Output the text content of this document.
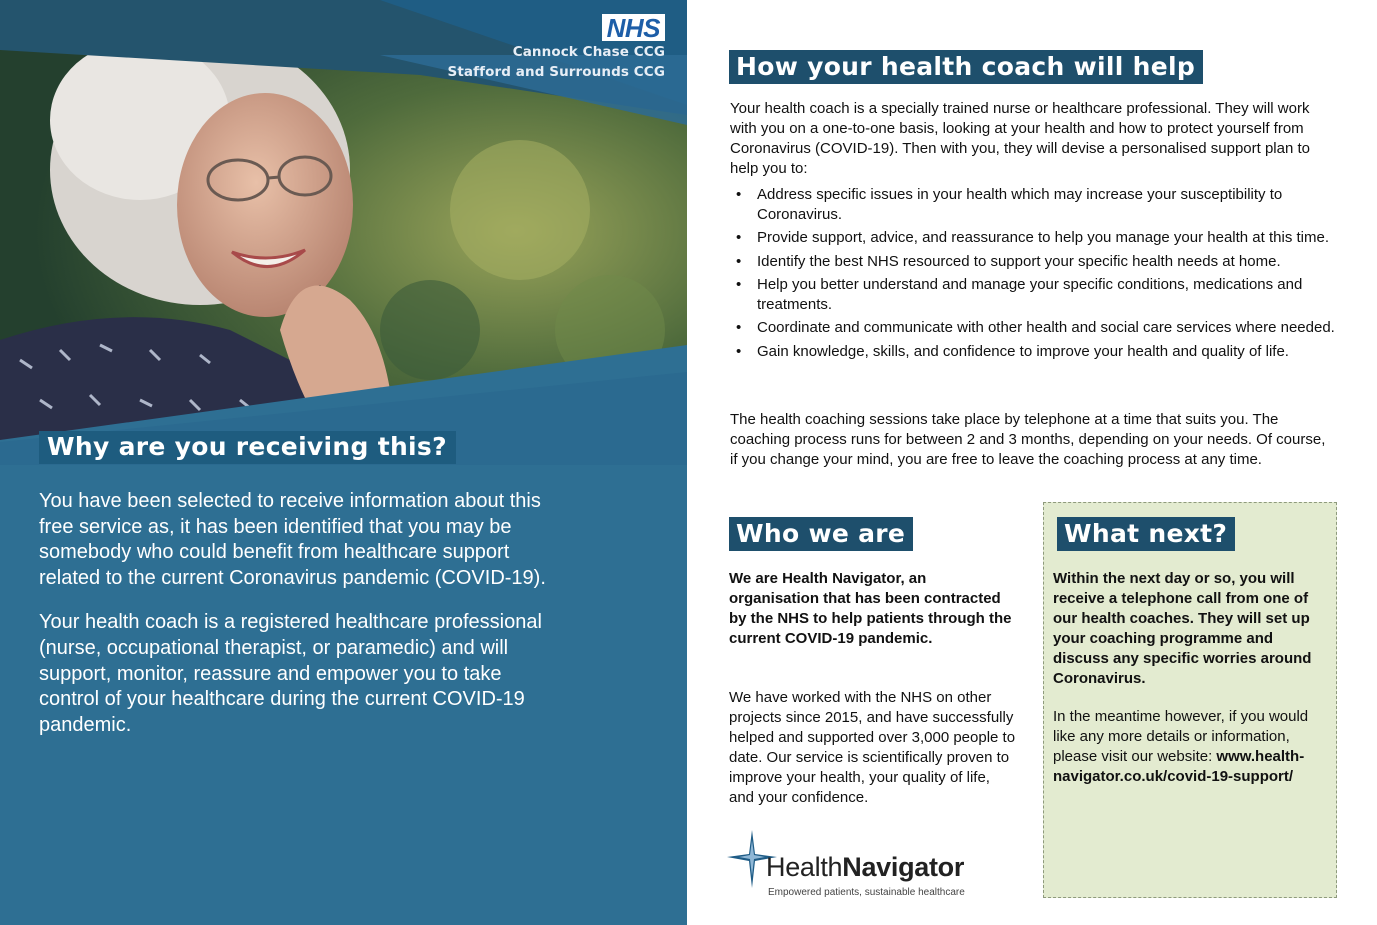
NHS
Cannock Chase CCG
Stafford and Surrounds CCG
Why are you receiving this?

You have been selected to receive information about this free service as, it has been identified that you may be somebody who could benefit from healthcare support related to the current Coronavirus pandemic (COVID-19).

Your health coach is a registered healthcare professional (nurse, occupational therapist, or paramedic) and will support, monitor, reassure and empower you to take control of your healthcare during the current COVID-19 pandemic.

How your health coach will help
Your health coach is a specially trained nurse or healthcare professional. They will work with you on a one-to-one basis, looking at your health and how to protect yourself from Coronavirus (COVID-19). Then with you, they will devise a personalised support plan to help you to:
• Address specific issues in your health which may increase your susceptibility to Coronavirus.
• Provide support, advice, and reassurance to help you manage your health at this time.
• Identify the best NHS resourced to support your specific health needs at home.
• Help you better understand and manage your specific conditions, medications and treatments.
• Coordinate and communicate with other health and social care services where needed.
• Gain knowledge, skills, and confidence to improve your health and quality of life.
The health coaching sessions take place by telephone at a time that suits you. The coaching process runs for between 2 and 3 months, depending on your needs. Of course, if you change your mind, you are free to leave the coaching process at any time.
Who we are
We are Health Navigator, an organisation that has been contracted by the NHS to help patients through the current COVID-19 pandemic.
We have worked with the NHS on other projects since 2015, and have successfully helped and supported over 3,000 people to date. Our service is scientifically proven to improve your health, your quality of life, and your confidence.
HealthNavigator
Empowered patients, sustainable healthcare
What next?
Within the next day or so, you will receive a telephone call from one of our health coaches. They will set up your coaching programme and discuss any specific worries around Coronavirus.
In the meantime however, if you would like any more details or information, please visit our website: www.health-navigator.co.uk/covid-19-support/
